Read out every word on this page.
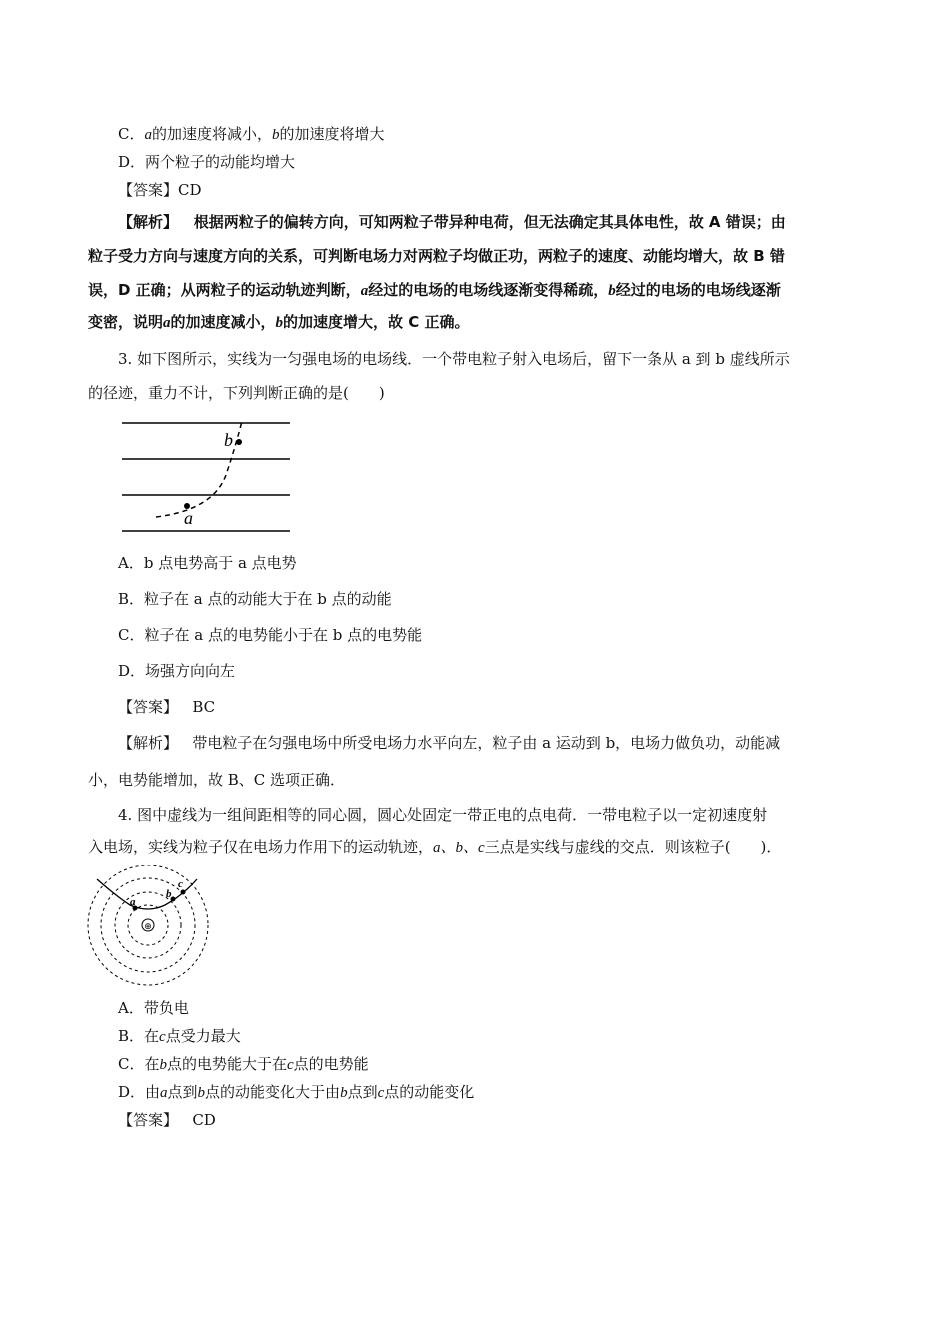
C．a的加速度将减小，b的加速度将增大
D．两个粒子的动能均增大
【答案】CD
【解析】 根据两粒子的偏转方向，可知两粒子带异种电荷，但无法确定其具体电性，故 A 错误；由
粒子受力方向与速度方向的关系，可判断电场力对两粒子均做正功，两粒子的速度、动能均增大，故 B 错
误，D 正确；从两粒子的运动轨迹判断，a经过的电场的电场线逐渐变得稀疏，b经过的电场的电场线逐渐
变密，说明a的加速度减小，b的加速度增大，故 C 正确。
3. 如下图所示，实线为一匀强电场的电场线．一个带电粒子射入电场后，留下一条从 a 到 b 虚线所示
的径迹，重力不计，下列判断正确的是(　　)
a
b
A．b 点电势高于 a 点电势
B．粒子在 a 点的动能大于在 b 点的动能
C．粒子在 a 点的电势能小于在 b 点的电势能
D．场强方向向左
【答案】 BC
【解析】 带电粒子在匀强电场中所受电场力水平向左，粒子由 a 运动到 b，电场力做负功，动能减
小，电势能增加，故 B、C 选项正确．
4. 图中虚线为一组间距相等的同心圆，圆心处固定一带正电的点电荷．一带电粒子以一定初速度射
入电场，实线为粒子仅在电场力作用下的运动轨迹，a、b、c三点是实线与虚线的交点．则该粒子(　　)．
⊕
a
b
c
A．带负电
B．在c点受力最大
C．在b点的电势能大于在c点的电势能
D．由a点到b点的动能变化大于由b点到c点的动能变化
【答案】 CD
